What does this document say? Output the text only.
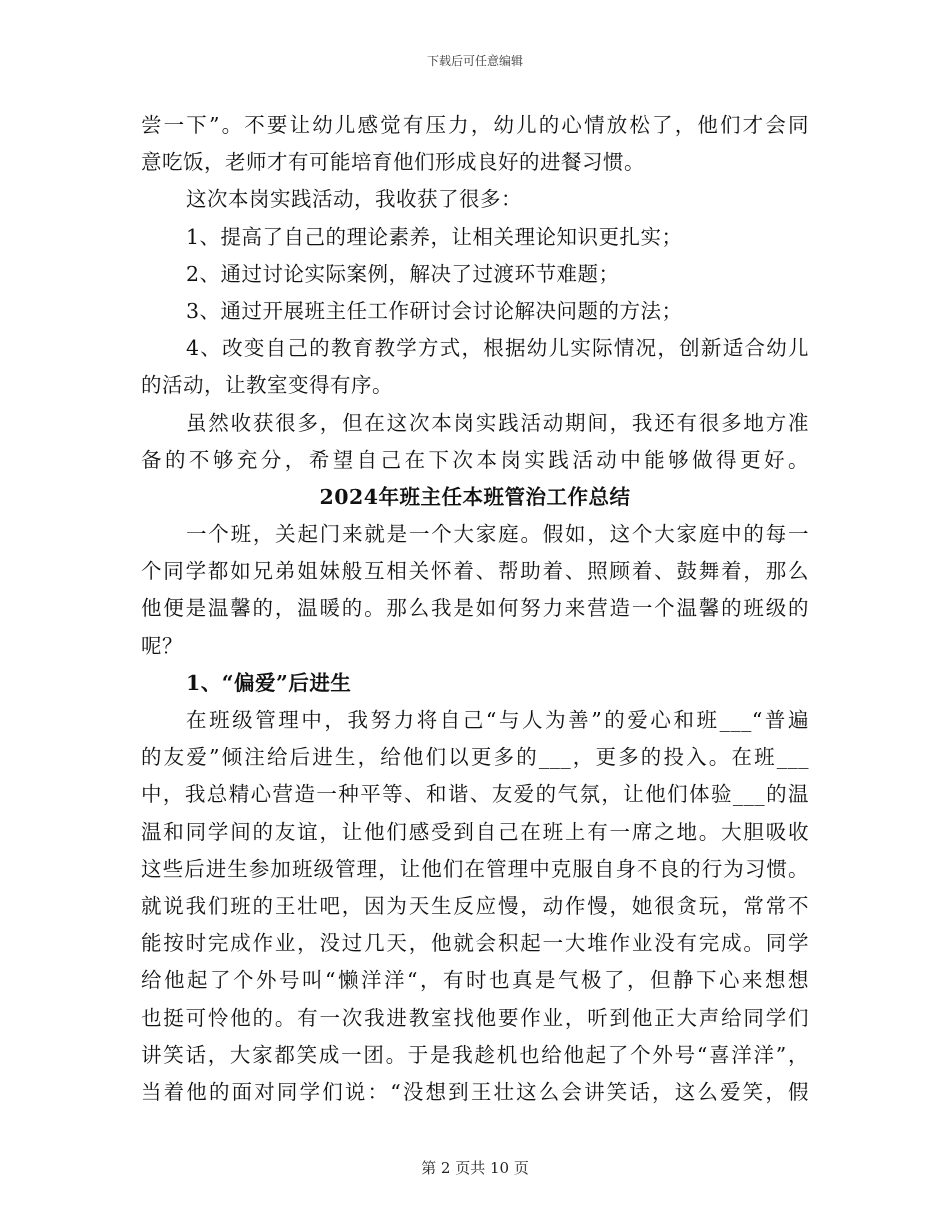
下载后可任意编辑
尝一下”。不要让幼儿感觉有压力，幼儿的心情放松了，他们才会同
意吃饭，老师才有可能培育他们形成良好的进餐习惯。
这次本岗实践活动，我收获了很多：
1、提高了自己的理论素养，让相关理论知识更扎实；
2、通过讨论实际案例，解决了过渡环节难题；
3、通过开展班主任工作研讨会讨论解决问题的方法；
4、改变自己的教育教学方式，根据幼儿实际情况，创新适合幼儿
的活动，让教室变得有序。
虽然收获很多，但在这次本岗实践活动期间，我还有很多地方准
备的不够充分，希望自己在下次本岗实践活动中能够做得更好。
2024年班主任本班管治工作总结
一个班，关起门来就是一个大家庭。假如，这个大家庭中的每一
个同学都如兄弟姐妹般互相关怀着、帮助着、照顾着、鼓舞着，那么
他便是温馨的，温暖的。那么我是如何努力来营造一个温馨的班级的
呢？
1、“偏爱”后进生
在班级管理中，我努力将自己“与人为善”的爱心和班___“普遍
的友爱”倾注给后进生，给他们以更多的___，更多的投入。在班___
中，我总精心营造一种平等、和谐、友爱的气氛，让他们体验___的温
温和同学间的友谊，让他们感受到自己在班上有一席之地。大胆吸收
这些后进生参加班级管理，让他们在管理中克服自身不良的行为习惯。
就说我们班的王壮吧，因为天生反应慢，动作慢，她很贪玩，常常不
能按时完成作业，没过几天，他就会积起一大堆作业没有完成。同学
给他起了个外号叫“懒洋洋“，有时也真是气极了，但静下心来想想
也挺可怜他的。有一次我进教室找他要作业，听到他正大声给同学们
讲笑话，大家都笑成一团。于是我趁机也给他起了个外号“喜洋洋”，
当着他的面对同学们说：“没想到王壮这么会讲笑话，这么爱笑，假
第 2 页共 10 页
